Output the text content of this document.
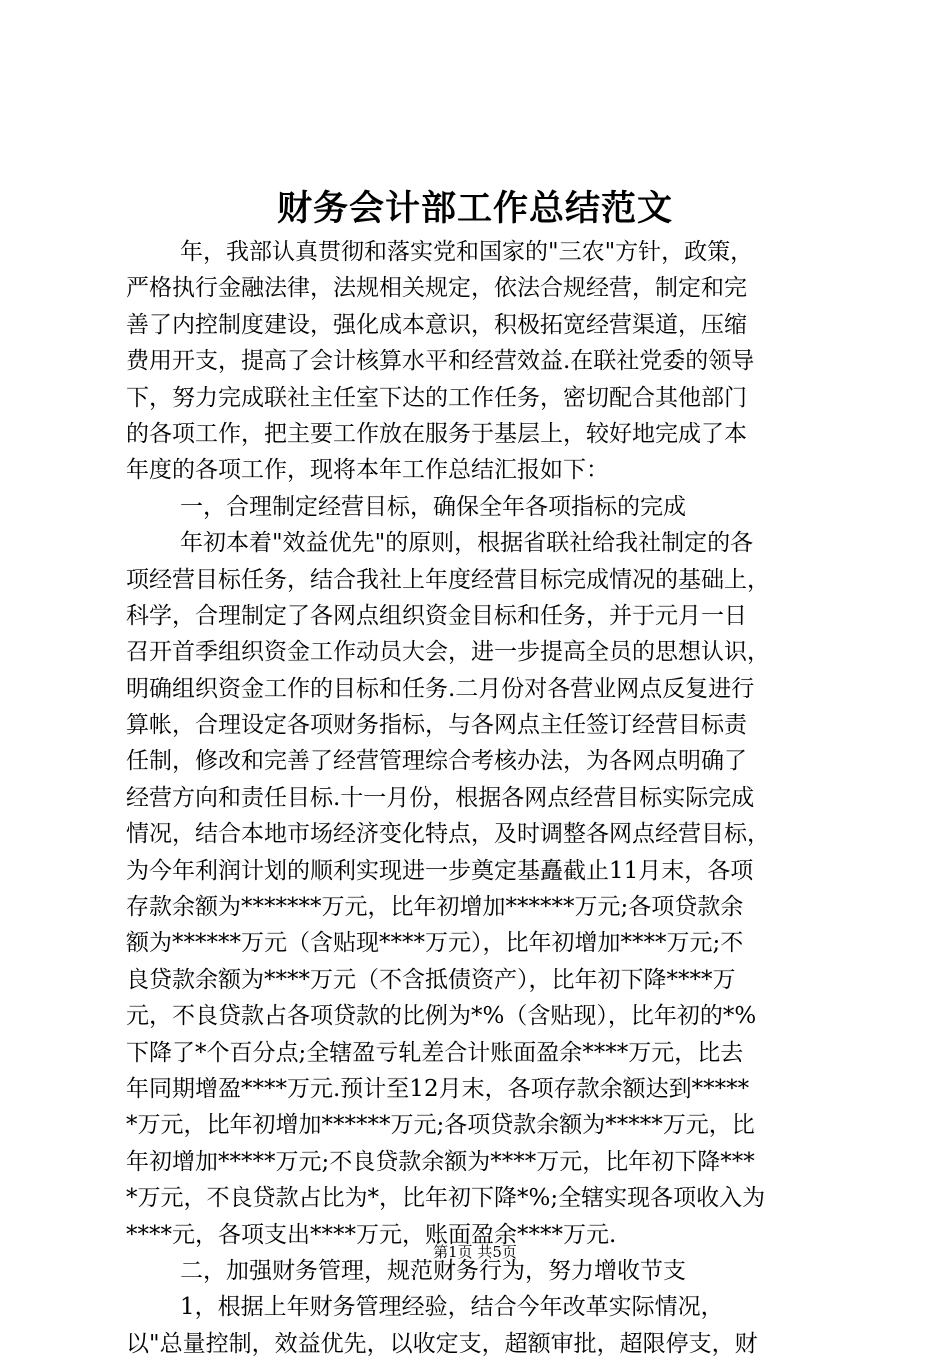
财务会计部工作总结范文
年，我部认真贯彻和落实党和国家的"三农"方针，政策，
严格执行金融法律，法规相关规定，依法合规经营，制定和完
善了内控制度建设，强化成本意识，积极拓宽经营渠道，压缩
费用开支，提高了会计核算水平和经营效益.在联社党委的领导
下，努力完成联社主任室下达的工作任务，密切配合其他部门
的各项工作，把主要工作放在服务于基层上，较好地完成了本
年度的各项工作，现将本年工作总结汇报如下：
一，合理制定经营目标，确保全年各项指标的完成
年初本着"效益优先"的原则，根据省联社给我社制定的各
项经营目标任务，结合我社上年度经营目标完成情况的基础上，
科学，合理制定了各网点组织资金目标和任务，并于元月一日
召开首季组织资金工作动员大会，进一步提高全员的思想认识，
明确组织资金工作的目标和任务.二月份对各营业网点反复进行
算帐，合理设定各项财务指标，与各网点主任签订经营目标责
任制，修改和完善了经营管理综合考核办法，为各网点明确了
经营方向和责任目标.十一月份，根据各网点经营目标实际完成
情况，结合本地市场经济变化特点，及时调整各网点经营目标，
为今年利润计划的顺利实现进一步奠定基矗截止11月末，各项
存款余额为*******万元，比年初增加******万元;各项贷款余
额为******万元（含贴现****万元），比年初增加****万元;不
良贷款余额为****万元（不含抵债资产），比年初下降****万
元，不良贷款占各项贷款的比例为*%（含贴现），比年初的*%
下降了*个百分点;全辖盈亏轧差合计账面盈余****万元，比去
年同期增盈****万元.预计至12月末，各项存款余额达到*****
*万元，比年初增加******万元;各项贷款余额为*****万元，比
年初增加*****万元;不良贷款余额为****万元，比年初下降***
*万元，不良贷款占比为*，比年初下降*%;全辖实现各项收入为
****元，各项支出****万元，账面盈余****万元.
二，加强财务管理，规范财务行为，努力增收节支
1，根据上年财务管理经验，结合今年改革实际情况，
以"总量控制，效益优先，以收定支，超额审批，超限停支，财
第1页 共5页
